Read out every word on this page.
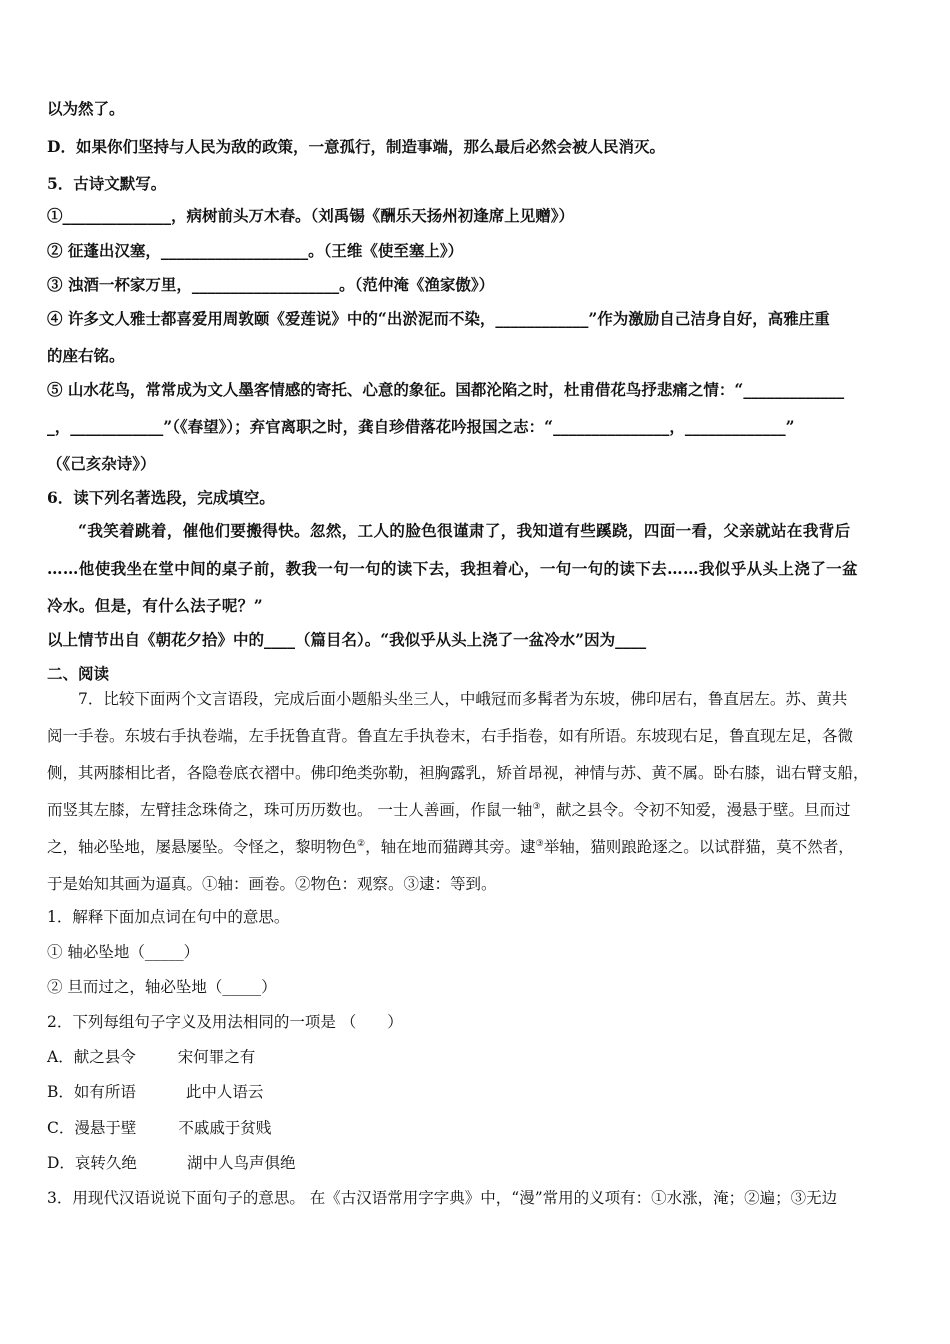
以为然了。
D．如果你们坚持与人民为敌的政策，一意孤行，制造事端，那么最后必然会被人民消灭。
5．古诗文默写。
①______________，病树前头万木春。（刘禹锡《酬乐天扬州初逢席上见赠》）
② 征蓬出汉塞，___________________。（王维《使至塞上》）
③ 浊酒一杯家万里，___________________。（范仲淹《渔家傲》）
④ 许多文人雅士都喜爱用周敦颐《爱莲说》中的“出淤泥而不染，____________”作为激励自己洁身自好，高雅庄重
的座右铭。
⑤ 山水花鸟，常常成为文人墨客情感的寄托、心意的象征。国都沦陷之时，杜甫借花鸟抒悲痛之情：“_____________
_，____________”（《春望》）；弃官离职之时，龚自珍借落花吟报国之志：“_______________，_____________”
（《己亥杂诗》）
6．读下列名著选段，完成填空。
“我笑着跳着，催他们要搬得快。忽然，工人的脸色很谨肃了，我知道有些蹊跷，四面一看，父亲就站在我背后
……他使我坐在堂中间的桌子前，教我一句一句的读下去，我担着心，一句一句的读下去……我似乎从头上浇了一盆
冷水。但是，有什么法子呢？”
以上情节出自《朝花夕拾》中的____（篇目名）。“我似乎从头上浇了一盆冷水”因为____
二、阅读
7．比较下面两个文言语段，完成后面小题船头坐三人，中峨冠而多髯者为东坡，佛印居右，鲁直居左。苏、黄共
阅一手卷。东坡右手执卷端，左手抚鲁直背。鲁直左手执卷末，右手指卷，如有所语。东坡现右足，鲁直现左足，各微
侧，其两膝相比者，各隐卷底衣褶中。佛印绝类弥勒，袒胸露乳，矫首昂视，神情与苏、黄不属。卧右膝，诎右臂支船，
而竖其左膝，左臂挂念珠倚之，珠可历历数也。 一士人善画，作鼠一轴③，献之县令。令初不知爱，漫悬于壁。旦而过
之，轴必坠地，屡悬屡坠。令怪之，黎明物色②，轴在地而猫蹲其旁。逮③举轴，猫则踉跄逐之。以试群猫，莫不然者，
于是始知其画为逼真。①轴：画卷。②物色：观察。③逮：等到。
1．解释下面加点词在句中的意思。
① 轴必坠地（_____）
② 旦而过之，轴必坠地（_____）
2．下列每组句子字义及用法相同的一项是 （　　）
A．献之县令	宋何罪之有
B．如有所语	此中人语云
C．漫悬于壁	不戚戚于贫贱
D．哀转久绝	湖中人鸟声俱绝
3．用现代汉语说说下面句子的意思。 在《古汉语常用字字典》中，“漫”常用的义项有：①水涨，淹；②遍；③无边
